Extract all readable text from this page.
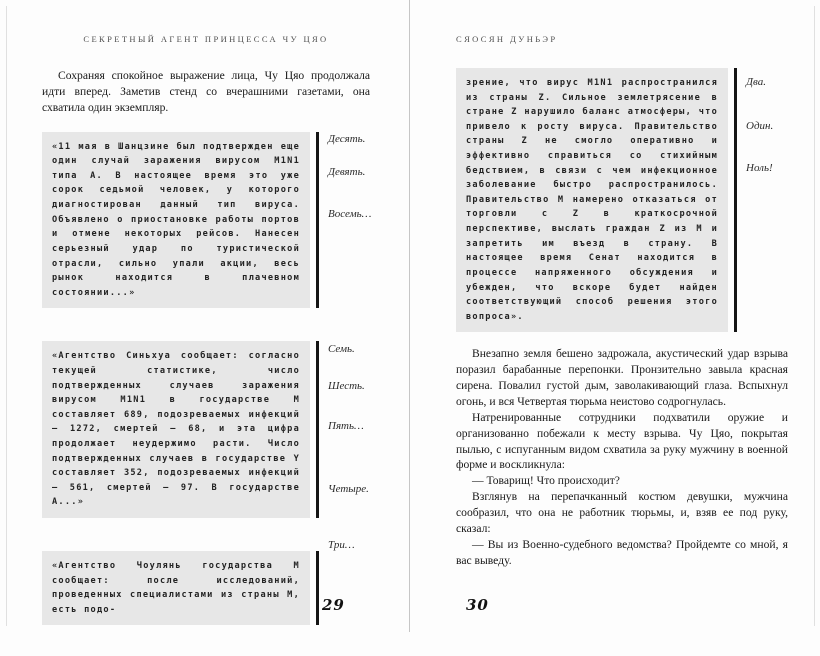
СЕКРЕТНЫЙ АГЕНТ ПРИНЦЕССА ЧУ ЦЯО

Сохраняя спокойное выражение лица, Чу Цяо продолжала идти вперед. Заметив стенд со вчерашними газетами, она схватила один экземпляр.

«11 мая в Шанцзине был подтвержден еще один случай заражения вирусом M1N1 типа А. В настоящее время это уже сорок седьмой человек, у которого диагностирован данный тип вируса. Объявлено о приостановке работы портов и отмене некоторых рейсов. Нанесен серьезный удар по туристической отрасли, сильно упали акции, весь рынок находится в плачевном состоянии...»
Десять.
Девять.
Восемь…
«Агентство Синьхуа сообщает: согласно текущей статистике, число подтвержденных случаев заражения вирусом M1N1 в государстве М составляет 689, подозреваемых инфекций — 1272, смертей — 68, и эта цифра продолжает неудержимо расти. Число подтвержденных случаев в государстве Y составляет 352, подозреваемых инфекций — 561, смертей — 97. В государстве А...»
Семь.
Шесть.
Пять…
Четыре.
«Агентство Чоулянь государства М сообщает: после исследований, проведенных специалистами из страны М, есть подо-
Три…
29
СЯОСЯН ДУНЬЭР
зрение, что вирус M1N1 распространился из страны Z. Сильное землетрясение в стране Z нарушило баланс атмосферы, что привело к росту вируса. Правительство страны Z не смогло оперативно и эффективно справиться со стихийным бедствием, в связи с чем инфекционное заболевание быстро распространилось. Правительство М намерено отказаться от торговли с Z в краткосрочной перспективе, выслать граждан Z из М и запретить им въезд в страну. В настоящее время Сенат находится в процессе напряженного обсуждения и убежден, что вскоре будет найден соответствующий способ решения этого вопроса».
Два.
Один.
Ноль!

Внезапно земля бешено задрожала, акустический удар взрыва поразил барабанные перепонки. Пронзительно завыла красная сирена. Повалил густой дым, заволакивающий глаза. Вспыхнул огонь, и вся Четвертая тюрьма неистово содрогнулась.

Натренированные сотрудники подхватили оружие и организованно побежали к месту взрыва. Чу Цяо, покрытая пылью, с испуганным видом схватила за руку мужчину в военной форме и воскликнула:

— Товарищ! Что происходит?

Взглянув на перепачканный костюм девушки, мужчина сообразил, что она не работник тюрьмы, и, взяв ее под руку, сказал:

— Вы из Военно-судебного ведомства? Пройдемте со мной, я вас выведу.

30
